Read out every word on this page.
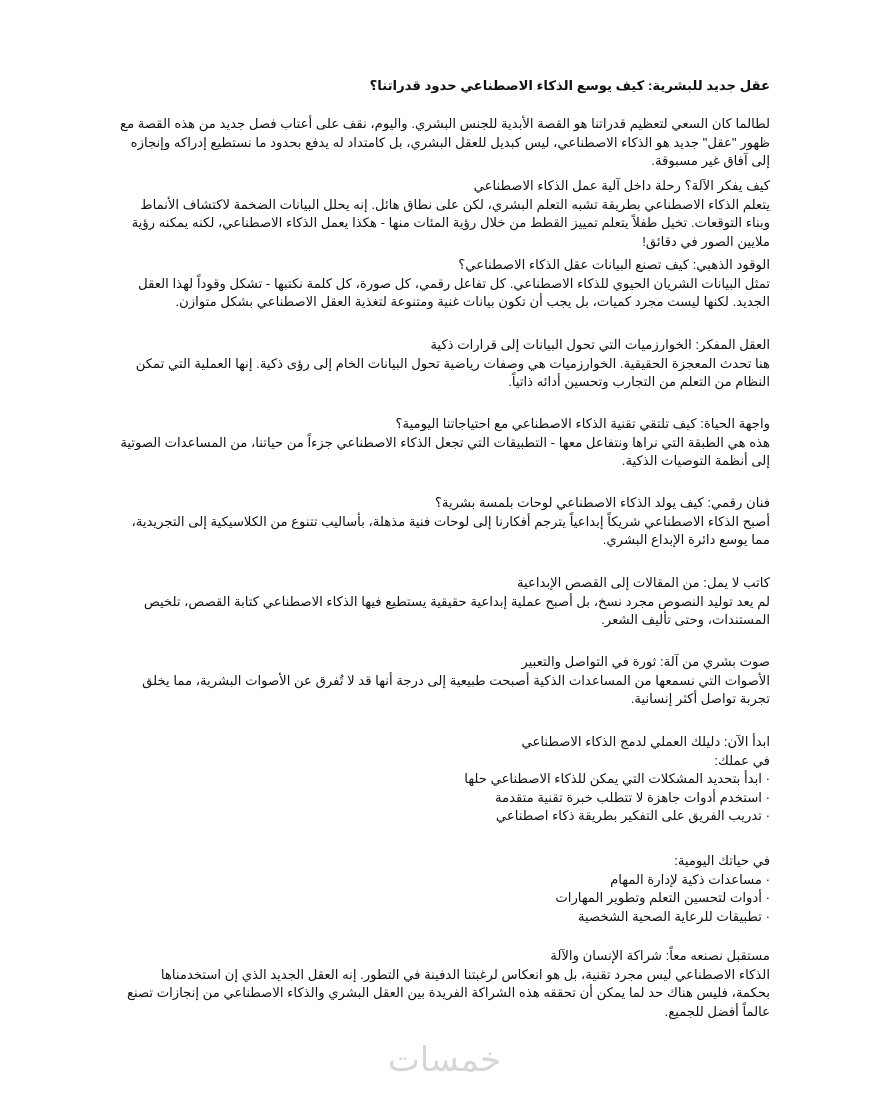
عقل جديد للبشرية: كيف يوسع الذكاء الاصطناعي حدود قدراتنا؟
لطالما كان السعي لتعظيم قدراتنا هو القصة الأبدية للجنس البشري. واليوم، نقف على أعتاب فصل جديد من هذه القصة مع ظهور "عقل" جديد هو الذكاء الاصطناعي، ليس كبديل للعقل البشري، بل كامتداد له يدفع بحدود ما نستطيع إدراكه وإنجازه إلى آفاق غير مسبوقة.
كيف يفكر الآلة؟ رحلة داخل آلية عمل الذكاء الاصطناعي
يتعلم الذكاء الاصطناعي بطريقة تشبه التعلم البشري، لكن على نطاق هائل. إنه يحلل البيانات الضخمة لاكتشاف الأنماط وبناء التوقعات. تخيل طفلاً يتعلم تمييز القطط من خلال رؤية المئات منها - هكذا يعمل الذكاء الاصطناعي، لكنه يمكنه رؤية ملايين الصور في دقائق!
الوقود الذهبي: كيف تصنع البيانات عقل الذكاء الاصطناعي؟
تمثل البيانات الشريان الحيوي للذكاء الاصطناعي. كل تفاعل رقمي، كل صورة، كل كلمة نكتبها - تشكل وقوداً لهذا العقل الجديد. لكنها ليست مجرد كميات، بل يجب أن تكون بيانات غنية ومتنوعة لتغذية العقل الاصطناعي بشكل متوازن.
العقل المفكر: الخوارزميات التي تحول البيانات إلى قرارات ذكية
هنا تحدث المعجزة الحقيقية. الخوارزميات هي وصفات رياضية تحول البيانات الخام إلى رؤى ذكية. إنها العملية التي تمكن النظام من التعلم من التجارب وتحسين أدائه ذاتياً.
واجهة الحياة: كيف تلتقي تقنية الذكاء الاصطناعي مع احتياجاتنا اليومية؟
هذه هي الطبقة التي نراها ونتفاعل معها - التطبيقات التي تجعل الذكاء الاصطناعي جزءاً من حياتنا، من المساعدات الصوتية إلى أنظمة التوصيات الذكية.
فنان رقمي: كيف يولد الذكاء الاصطناعي لوحات بلمسة بشرية؟
أصبح الذكاء الاصطناعي شريكاً إبداعياً يترجم أفكارنا إلى لوحات فنية مذهلة، بأساليب تتنوع من الكلاسيكية إلى التجريدية، مما يوسع دائرة الإبداع البشري.
كاتب لا يمل: من المقالات إلى القصص الإبداعية
لم يعد توليد النصوص مجرد نسخ، بل أصبح عملية إبداعية حقيقية يستطيع فيها الذكاء الاصطناعي كتابة القصص، تلخيص المستندات، وحتى تأليف الشعر.
صوت بشري من آلة: ثورة في التواصل والتعبير
الأصوات التي نسمعها من المساعدات الذكية أصبحت طبيعية إلى درجة أنها قد لا تُفرق عن الأصوات البشرية، مما يخلق تجربة تواصل أكثر إنسانية.
ابدأ الآن: دليلك العملي لدمج الذكاء الاصطناعي
في عملك:
· ابدأ بتحديد المشكلات التي يمكن للذكاء الاصطناعي حلها
· استخدم أدوات جاهزة لا تتطلب خبرة تقنية متقدمة
· تدريب الفريق على التفكير بطريقة ذكاء اصطناعي
في حياتك اليومية:
· مساعدات ذكية لإدارة المهام
· أدوات لتحسين التعلم وتطوير المهارات
· تطبيقات للرعاية الصحية الشخصية
مستقبل نصنعه معاً: شراكة الإنسان والآلة
الذكاء الاصطناعي ليس مجرد تقنية، بل هو انعكاس لرغبتنا الدفينة في التطور. إنه العقل الجديد الذي إن استخدمناها بحكمة، فليس هناك حد لما يمكن أن تحققه هذه الشراكة الفريدة بين العقل البشري والذكاء الاصطناعي من إنجازات تصنع عالماً أفضل للجميع.
خمسات
